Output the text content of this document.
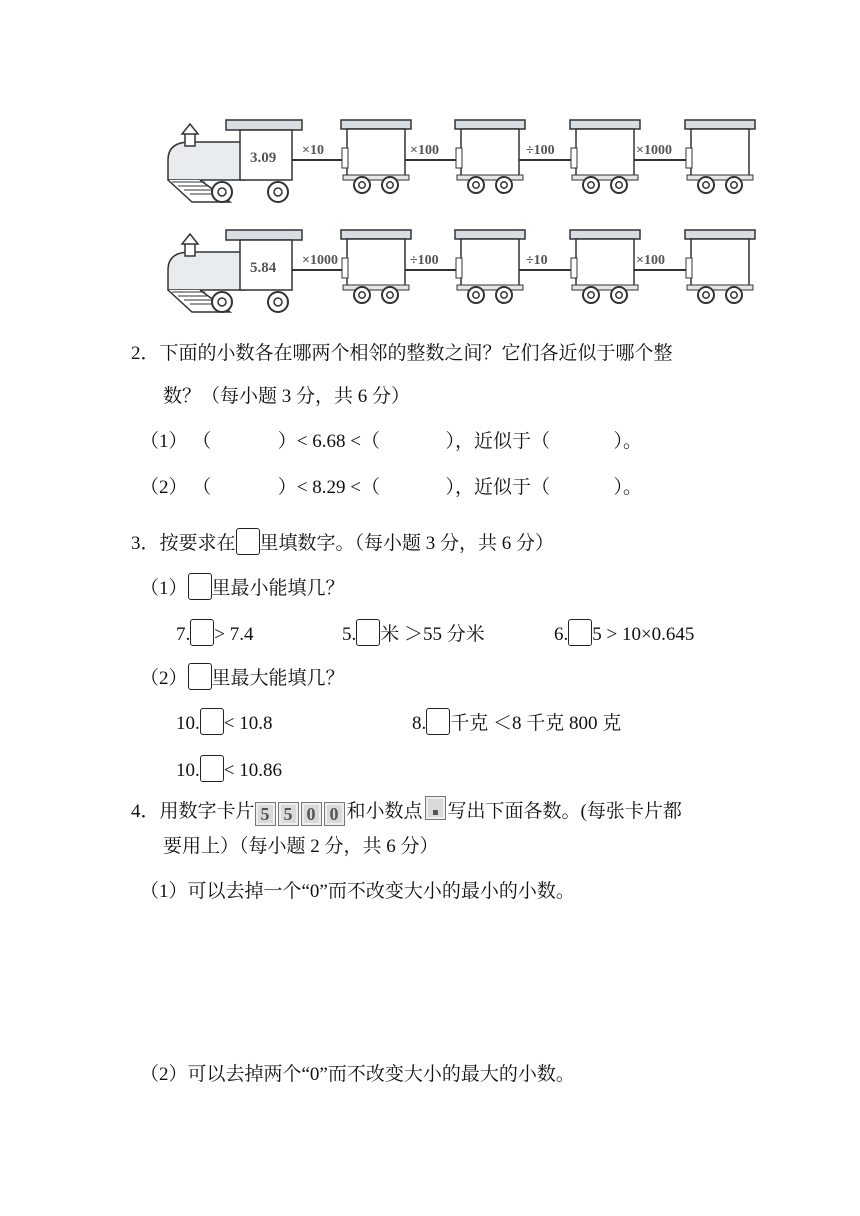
3.09 ×10	×100	÷100	×1000
5.84 ×1000	÷100	÷10	×100
2．下面的小数各在哪两个相邻的整数之间？它们各近似于哪个整
数？（每小题 3 分，共 6 分）
（1） （	）< 6.68 <（	），近似于（	）。
（2） （	）< 8.29 <（	），近似于（	）。
3．按要求在 里填数字。（每小题 3 分，共 6 分）
（1） 里最小能填几？
7. > 7.4	5. 米 ＞55 分米	6. 5 > 10×0.645
（2） 里最大能填几？
10. < 10.8	8. 千克 ＜8 千克 800 克
10. < 10.86
4．用数字卡片 5 5 0 0 和小数点 写出下面各数。(每张卡片都
要用上）（每小题 2 分，共 6 分）
（1）可以去掉一个“0”而不改变大小的最小的小数。
（2）可以去掉两个“0”而不改变大小的最大的小数。
